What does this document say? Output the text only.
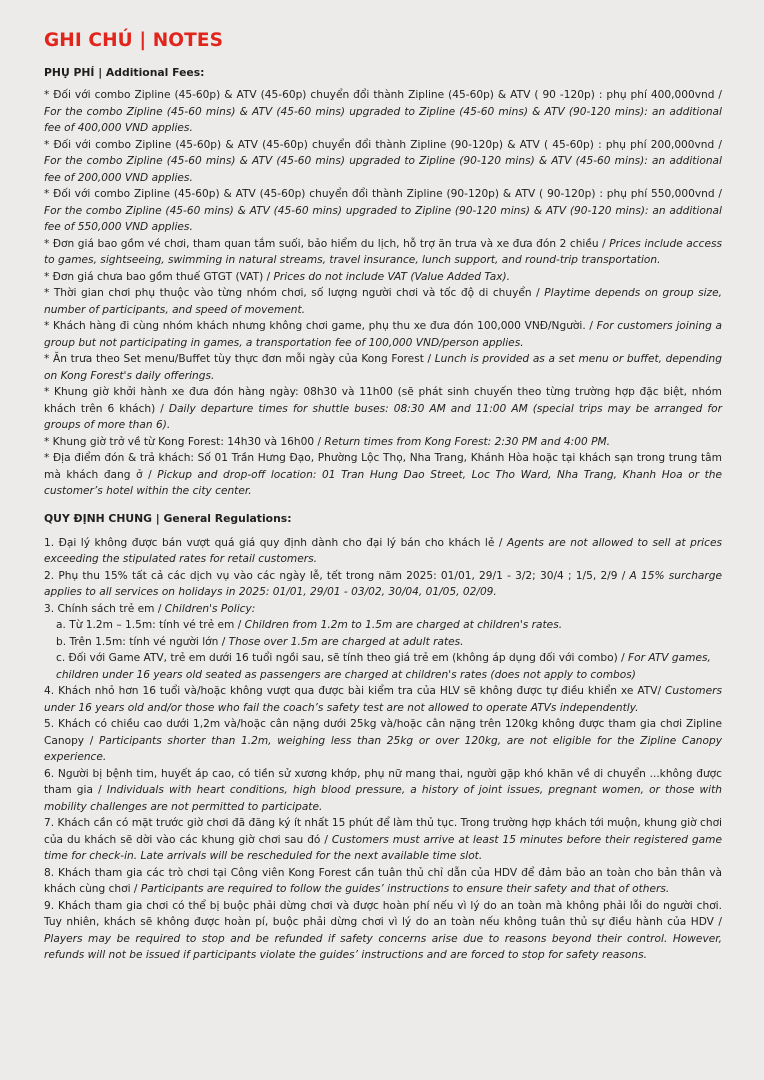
GHI CHÚ | NOTES
PHỤ PHÍ | Additional Fees:

* Đối với combo Zipline (45-60p) & ATV (45-60p) chuyển đổi thành Zipline (45-60p) & ATV ( 90 -120p) : phụ phí 400,000vnd / For the combo Zipline (45-60 mins) & ATV (45-60 mins) upgraded to Zipline (45-60 mins) & ATV (90-120 mins): an additional fee of 400,000 VND applies.

* Đối với combo Zipline (45-60p) & ATV (45-60p) chuyển đổi thành Zipline (90-120p) & ATV ( 45-60p) : phụ phí 200,000vnd / For the combo Zipline (45-60 mins) & ATV (45-60 mins) upgraded to Zipline (90-120 mins) & ATV (45-60 mins): an additional fee of 200,000 VND applies.

* Đối với combo Zipline (45-60p) & ATV (45-60p) chuyển đổi thành Zipline (90-120p) & ATV ( 90-120p) : phụ phí 550,000vnd / For the combo Zipline (45-60 mins) & ATV (45-60 mins) upgraded to Zipline (90-120 mins) & ATV (90-120 mins): an additional fee of 550,000 VND applies.

* Đơn giá bao gồm vé chơi, tham quan tắm suối, bảo hiểm du lịch, hỗ trợ ăn trưa và xe đưa đón 2 chiều / Prices include access to games, sightseeing, swimming in natural streams, travel insurance, lunch support, and round-trip transportation.

* Đơn giá chưa bao gồm thuế GTGT (VAT) / Prices do not include VAT (Value Added Tax).

* Thời gian chơi phụ thuộc vào từng nhóm chơi, số lượng người chơi và tốc độ di chuyển / Playtime depends on group size, number of participants, and speed of movement.

* Khách hàng đi cùng nhóm khách nhưng không chơi game, phụ thu xe đưa đón 100,000 VNĐ/Người. / For customers joining a group but not participating in games, a transportation fee of 100,000 VND/person applies.

* Ăn trưa theo Set menu/Buffet tùy thực đơn mỗi ngày của Kong Forest / Lunch is provided as a set menu or buffet, depending on Kong Forest's daily offerings.

* Khung giờ khởi hành xe đưa đón hàng ngày: 08h30 và 11h00 (sẽ phát sinh chuyến theo từng trường hợp đặc biệt, nhóm khách trên 6 khách) / Daily departure times for shuttle buses: 08:30 AM and 11:00 AM (special trips may be arranged for groups of more than 6).

* Khung giờ trở về từ Kong Forest: 14h30 và 16h00 / Return times from Kong Forest: 2:30 PM and 4:00 PM.

* Địa điểm đón & trả khách: Số 01 Trần Hưng Đạo, Phường Lộc Thọ, Nha Trang, Khánh Hòa hoặc tại khách sạn trong trung tâm mà khách đang ở / Pickup and drop-off location: 01 Tran Hung Dao Street, Loc Tho Ward, Nha Trang, Khanh Hoa or the customer’s hotel within the city center.

QUY ĐỊNH CHUNG | General Regulations:

1. Đại lý không được bán vượt quá giá quy định dành cho đại lý bán cho khách lẻ / Agents are not allowed to sell at prices exceeding the stipulated rates for retail customers.

2. Phụ thu 15% tất cả các dịch vụ vào các ngày lễ, tết trong năm 2025: 01/01, 29/1 - 3/2; 30/4 ; 1/5, 2/9 / A 15% surcharge applies to all services on holidays in 2025: 01/01, 29/01 - 03/02, 30/04, 01/05, 02/09.

3. Chính sách trẻ em / Children's Policy:

a. Từ 1.2m – 1.5m: tính vé trẻ em / Children from 1.2m to 1.5m are charged at children's rates.

b. Trên 1.5m: tính vé người lớn / Those over 1.5m are charged at adult rates.

c. Đối với Game ATV, trẻ em dưới 16 tuổi ngồi sau, sẽ tính theo giá trẻ em (không áp dụng đối với combo) / For ATV games, children under 16 years old seated as passengers are charged at children's rates (does not apply to combos)

4. Khách nhỏ hơn 16 tuổi và/hoặc không vượt qua được bài kiểm tra của HLV sẽ không được tự điều khiển xe ATV/ Customers under 16 years old and/or those who fail the coach’s safety test are not allowed to operate ATVs independently.

5. Khách có chiều cao dưới 1,2m và/hoặc cân nặng dưới 25kg và/hoặc cân nặng trên 120kg không được tham gia chơi Zipline Canopy / Participants shorter than 1.2m, weighing less than 25kg or over 120kg, are not eligible for the Zipline Canopy experience.

6. Người bị bệnh tim, huyết áp cao, có tiền sử xương khớp, phụ nữ mang thai, người gặp khó khăn về di chuyển ...không được tham gia / Individuals with heart conditions, high blood pressure, a history of joint issues, pregnant women, or those with mobility challenges are not permitted to participate.

7. Khách cần có mặt trước giờ chơi đã đăng ký ít nhất 15 phút để làm thủ tục. Trong trường hợp khách tới muộn, khung giờ chơi của du khách sẽ dời vào các khung giờ chơi sau đó / Customers must arrive at least 15 minutes before their registered game time for check-in. Late arrivals will be rescheduled for the next available time slot.

8. Khách tham gia các trò chơi tại Công viên Kong Forest cần tuân thủ chỉ dẫn của HDV để đảm bảo an toàn cho bản thân và khách cùng chơi / Participants are required to follow the guides’ instructions to ensure their safety and that of others.

9. Khách tham gia chơi có thể bị buộc phải dừng chơi và được hoàn phí nếu vì lý do an toàn mà không phải lỗi do người chơi. Tuy nhiên, khách sẽ không được hoàn pí, buộc phải dừng chơi vì lý do an toàn nếu không tuân thủ sự điều hành của HDV / Players may be required to stop and be refunded if safety concerns arise due to reasons beyond their control. However, refunds will not be issued if participants violate the guides’ instructions and are forced to stop for safety reasons.
